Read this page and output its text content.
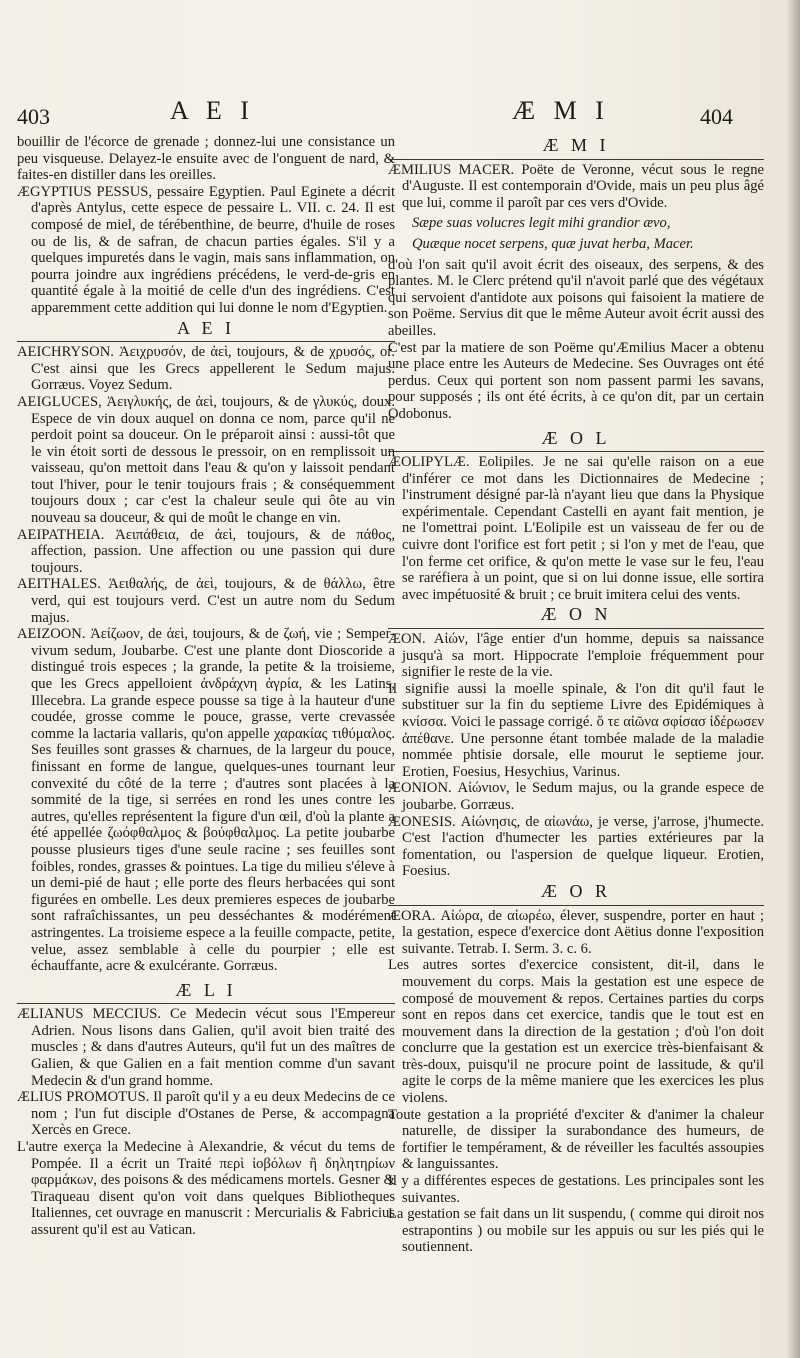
403	A E I	Æ M I	404

bouillir de l'écorce de grenade ; donnez-lui une consistance un peu visqueuse. Delayez-le ensuite avec de l'onguent de nard, & faites-en distiller dans les oreilles.

ÆGYPTIUS PESSUS, pessaire Egyptien. Paul Eginete a décrit d'après Antylus, cette espece de pessaire L. VII. c. 24. Il est composé de miel, de térébenthine, de beurre, d'huile de roses ou de lis, & de safran, de chacun parties égales. S'il y a quelques impuretés dans le vagin, mais sans inflammation, on pourra joindre aux ingrédiens précédens, le verd-de-gris en quantité égale à la moitié de celle d'un des ingrédiens. C'est apparemment cette addition qui lui donne le nom d'Egyptien.

A E I

AEICHRYSON. Ἀειχρυσόν, de ἀεὶ, toujours, & de χρυσός, or. C'est ainsi que les Grecs appellerent le Sedum majus. Gorræus. Voyez Sedum.

AEIGLUCES, Ἀειγλυκής, de ἀεὶ, toujours, & de γλυκύς, doux. Espece de vin doux auquel on donna ce nom, parce qu'il ne perdoit point sa douceur. On le préparoit ainsi : aussi-tôt que le vin étoit sorti de dessous le pressoir, on en remplissoit un vaisseau, qu'on mettoit dans l'eau & qu'on y laissoit pendant tout l'hiver, pour le tenir toujours frais ; & conséquemment toujours doux ; car c'est la chaleur seule qui ôte au vin nouveau sa douceur, & qui de moût le change en vin.

AEIPATHEIA. Ἀειπάθεια, de ἀεὶ, toujours, & de πάθος, affection, passion. Une affection ou une passion qui dure toujours.

AEITHALES. Ἀειθαλής, de ἀεὶ, toujours, & de θάλλω, être verd, qui est toujours verd. C'est un autre nom du Sedum majus.

AEIZOON. Ἀείζωον, de ἀεὶ, toujours, & de ζωή, vie ; Semper-vivum sedum, Joubarbe. C'est une plante dont Dioscoride a distingué trois especes ; la grande, la petite & la troisieme, que les Grecs appelloient ἀνδράχνη ἀγρία, & les Latins, Illecebra. La grande espece pousse sa tige à la hauteur d'une coudée, grosse comme le pouce, grasse, verte crevassée comme la lactaria vallaris, qu'on appelle χαρακίας τιθύμαλος. Ses feuilles sont grasses & charnues, de la largeur du pouce, finissant en forme de langue, quelques-unes tournant leur convexité du côté de la terre ; d'autres sont placées à la sommité de la tige, si serrées en rond les unes contre les autres, qu'elles représentent la figure d'un œil, d'où la plante a été appellée ζωόφθαλμος & βούφθαλμος. La petite joubarbe pousse plusieurs tiges d'une seule racine ; ses feuilles sont foibles, rondes, grasses & pointues. La tige du milieu s'éleve à un demi-pié de haut ; elle porte des fleurs herbacées qui sont figurées en ombelle. Les deux premieres especes de joubarbe sont rafraîchissantes, un peu desséchantes & modérément astringentes. La troisieme espece a la feuille compacte, petite, velue, assez semblable à celle du pourpier ; elle est échauffante, acre & exulcérante. Gorræus.

Æ L I

ÆLIANUS MECCIUS. Ce Medecin vécut sous l'Empereur Adrien. Nous lisons dans Galien, qu'il avoit bien traité des muscles ; & dans d'autres Auteurs, qu'il fut un des maîtres de Galien, & que Galien en a fait mention comme d'un savant Medecin & d'un grand homme.

ÆLIUS PROMOTUS. Il paroît qu'il y a eu deux Medecins de ce nom ; l'un fut disciple d'Ostanes de Perse, & accompagna Xercès en Grece.

L'autre exerça la Medecine à Alexandrie, & vécut du tems de Pompée. Il a écrit un Traité περὶ ἰοβόλων ἢ δηλητηρίων φαρμάκων, des poisons & des médicamens mortels. Gesner & Tiraqueau disent qu'on voit dans quelques Bibliotheques Italiennes, cet ouvrage en manuscrit : Mercurialis & Fabricius assurent qu'il est au Vatican.

Æ M I

ÆMILIUS MACER. Poëte de Veronne, vécut sous le regne d'Auguste. Il est contemporain d'Ovide, mais un peu plus âgé que lui, comme il paroît par ces vers d'Ovide.

Sæpe suas volucres legit mihi grandior ævo,

Quæque nocet serpens, quæ juvat herba, Macer.

d'où l'on sait qu'il avoit écrit des oiseaux, des serpens, & des plantes. M. le Clerc prétend qu'il n'avoit parlé que des végétaux qui servoient d'antidote aux poisons qui faisoient la matiere de son Poëme. Servius dit que le même Auteur avoit écrit aussi des abeilles.

C'est par la matiere de son Poëme qu'Æmilius Macer a obtenu une place entre les Auteurs de Medecine. Ses Ouvrages ont été perdus. Ceux qui portent son nom passent parmi les savans, pour supposés ; ils ont été écrits, à ce qu'on dit, par un certain Odobonus.

Æ O L

ÆOLIPYLÆ. Eolipiles. Je ne sai qu'elle raison on a eue d'inférer ce mot dans les Dictionnaires de Medecine ; l'instrument désigné par-là n'ayant lieu que dans la Physique expérimentale. Cependant Castelli en ayant fait mention, je ne l'omettrai point. L'Eolipile est un vaisseau de fer ou de cuivre dont l'orifice est fort petit ; si l'on y met de l'eau, que l'on ferme cet orifice, & qu'on mette le vase sur le feu, l'eau se raréfiera à un point, que si on lui donne issue, elle sortira avec impétuosité & bruit ; ce bruit imitera celui des vents.

Æ O N

ÆON. Αἰών, l'âge entier d'un homme, depuis sa naissance jusqu'à sa mort. Hippocrate l'emploie fréquemment pour signifier le reste de la vie.

Il signifie aussi la moelle spinale, & l'on dit qu'il faut le substituer sur la fin du septieme Livre des Epidémiques à κνίσσα. Voici le passage corrigé. ὅ τε αἰῶνα σφίσασ ἰδέρωσεν ἀπέθανε. Une personne étant tombée malade de la maladie nommée phtisie dorsale, elle mourut le septieme jour. Erotien, Foesius, Hesychius, Varinus.

ÆONION. Αἰώνιον, le Sedum majus, ou la grande espece de joubarbe. Gorræus.

ÆONESIS. Αἰώνησις, de αἰωνάω, je verse, j'arrose, j'humecte. C'est l'action d'humecter les parties extérieures par la fomentation, ou l'aspersion de quelque liqueur. Erotien, Foesius.

Æ O R

ÆORA. Αἰώρα, de αἰωρέω, élever, suspendre, porter en haut ; la gestation, espece d'exercice dont Aëtius donne l'exposition suivante. Tetrab. I. Serm. 3. c. 6.

Les autres sortes d'exercice consistent, dit-il, dans le mouvement du corps. Mais la gestation est une espece de composé de mouvement & repos. Certaines parties du corps sont en repos dans cet exercice, tandis que le tout est en mouvement dans la direction de la gestation ; d'où l'on doit conclurre que la gestation est un exercice très-bienfaisant & très-doux, puisqu'il ne procure point de lassitude, & qu'il agite le corps de la même maniere que les exercices les plus violens.

Toute gestation a la propriété d'exciter & d'animer la chaleur naturelle, de dissiper la surabondance des humeurs, de fortifier le tempérament, & de réveiller les facultés assoupies & languissantes.

Il y a différentes especes de gestations. Les principales sont les suivantes.

La gestation se fait dans un lit suspendu, ( comme qui diroit nos estrapontins ) ou mobile sur les appuis ou sur les piés qui le soutiennent.
